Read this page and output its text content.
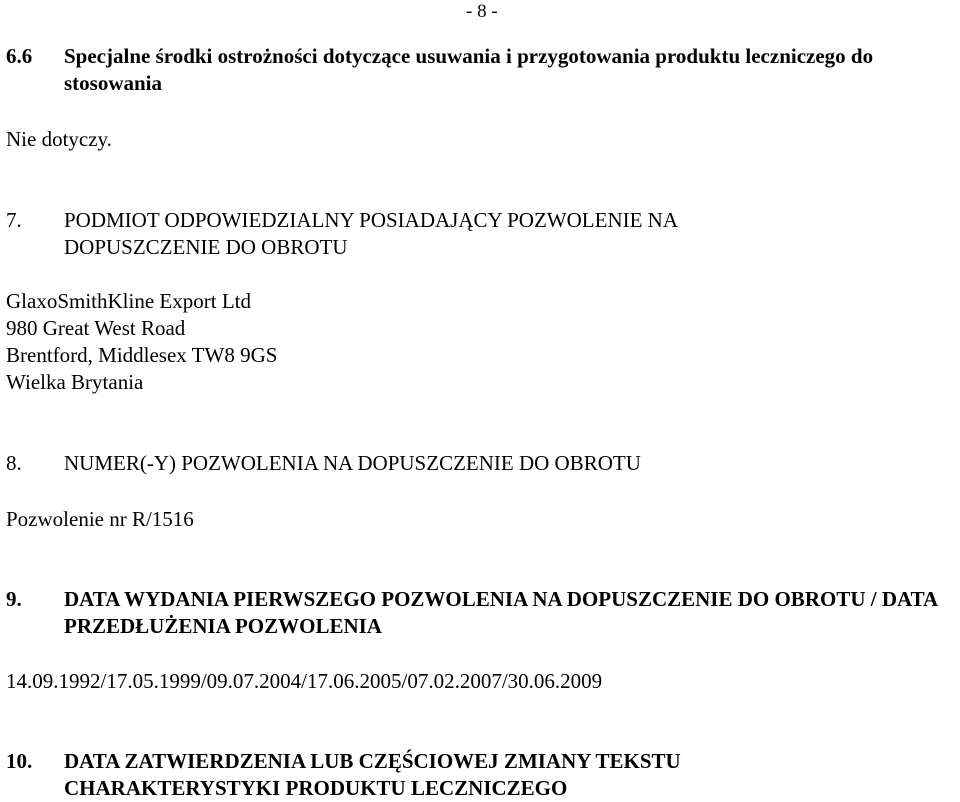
- 8 -
6.6	Specjalne środki ostrożności dotyczące usuwania i przygotowania produktu leczniczego do stosowania
Nie dotyczy.
7.	PODMIOT ODPOWIEDZIALNY POSIADAJĄCY POZWOLENIE NA DOPUSZCZENIE DO OBROTU
GlaxoSmithKline Export Ltd
980 Great West Road
Brentford, Middlesex TW8 9GS
Wielka Brytania
8.	NUMER(-Y) POZWOLENIA NA DOPUSZCZENIE DO OBROTU
Pozwolenie nr R/1516
9.	DATA WYDANIA PIERWSZEGO POZWOLENIA NA DOPUSZCZENIE DO OBROTU / DATA PRZEDŁUŻENIA POZWOLENIA
14.09.1992/17.05.1999/09.07.2004/17.06.2005/07.02.2007/30.06.2009
10.	DATA ZATWIERDZENIA LUB CZĘŚCIOWEJ ZMIANY TEKSTU CHARAKTERYSTYKI PRODUKTU LECZNICZEGO
